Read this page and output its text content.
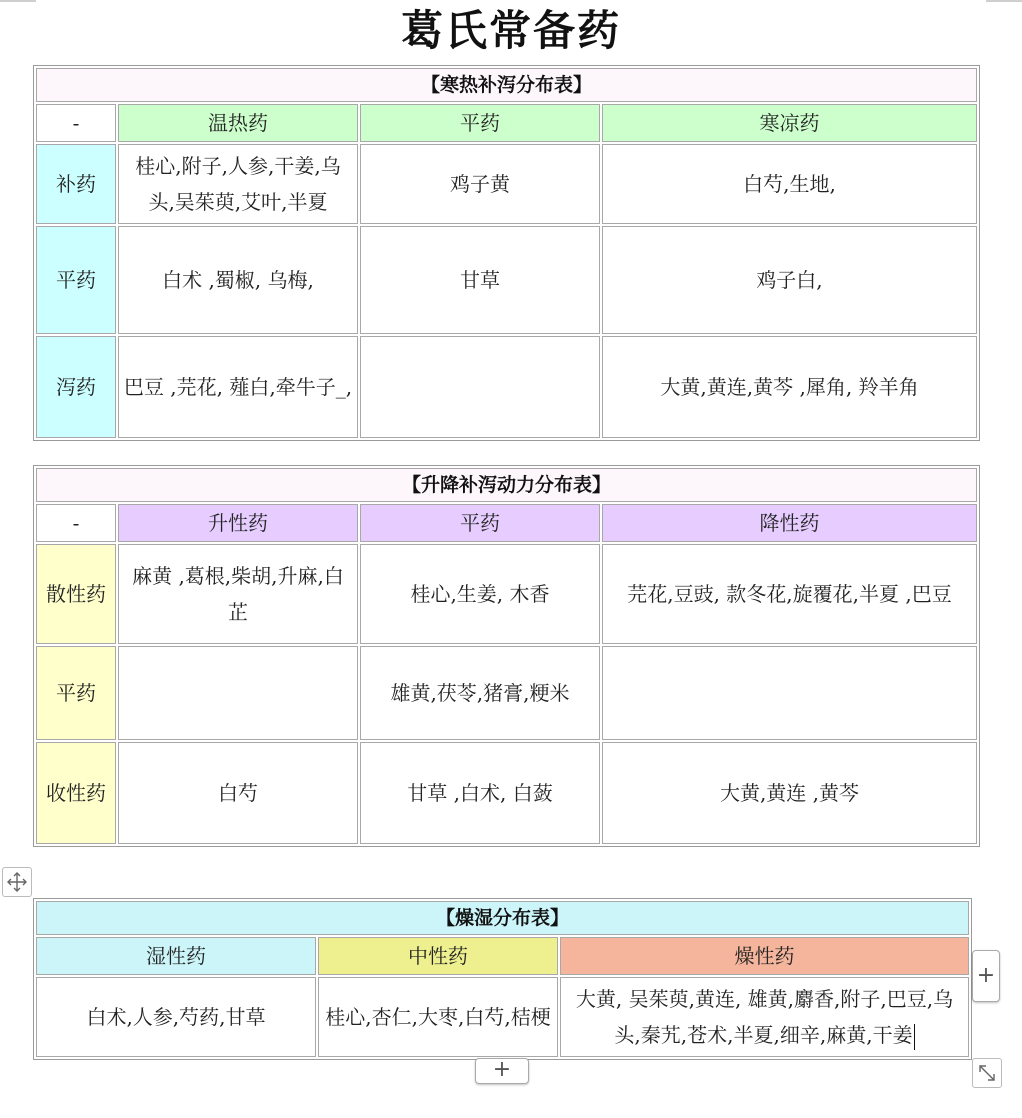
葛氏常备药
【寒热补泻分布表】			
-	温热药	平药	寒凉药
补药	桂心,附子,人参,干姜,乌头,吴茱萸,艾叶,半夏	鸡子黄	白芍,生地,
平药	白术 ,蜀椒, 乌梅,	甘草	鸡子白,
泻药	巴豆 ,芫花, 薤白,牵牛子_,		大黄,黄连,黄芩 ,犀角, 羚羊角
【升降补泻动力分布表】			
-	升性药	平药	降性药
散性药	麻黄 ,葛根,柴胡,升麻,白芷	桂心,生姜, 木香	芫花,豆豉, 款冬花,旋覆花,半夏 ,巴豆
平药		雄黄,茯苓,猪膏,粳米	
收性药	白芍	甘草 ,白术, 白蔹	大黄,黄连 ,黄芩
【燥湿分布表】		
湿性药	中性药	燥性药
白术,人参,芍药,甘草	桂心,杏仁,大枣,白芍,桔梗	大黄, 吴茱萸,黄连, 雄黄,麝香,附子,巴豆,乌头,秦艽,苍术,半夏,细辛,麻黄,干姜
+
+
